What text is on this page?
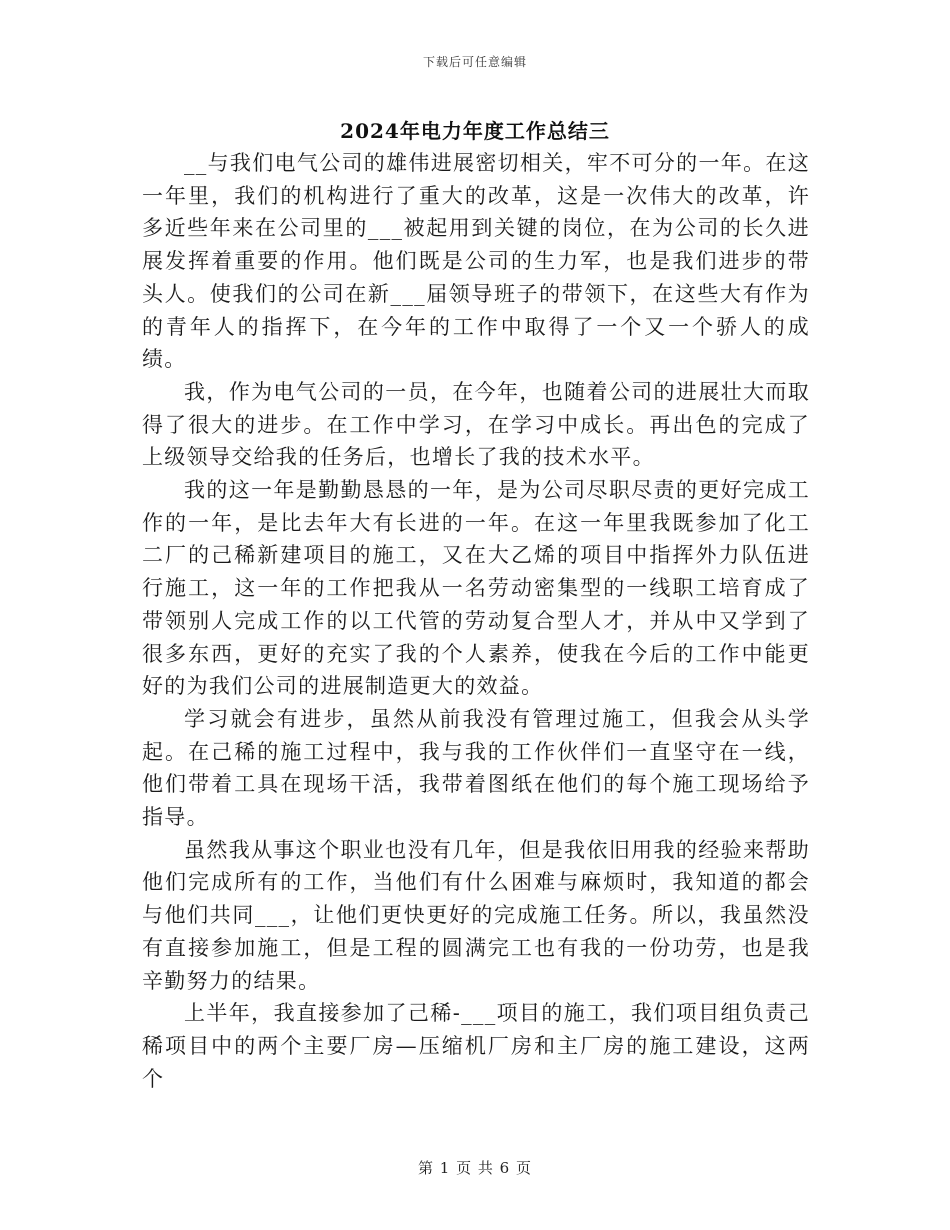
下载后可任意编辑
2024年电力年度工作总结三

__与我们电气公司的雄伟进展密切相关，牢不可分的一年。在这一年里，我们的机构进行了重大的改革，这是一次伟大的改革，许多近些年来在公司里的___被起用到关键的岗位，在为公司的长久进展发挥着重要的作用。他们既是公司的生力军，也是我们进步的带头人。使我们的公司在新___届领导班子的带领下，在这些大有作为的青年人的指挥下，在今年的工作中取得了一个又一个骄人的成绩。

我，作为电气公司的一员，在今年，也随着公司的进展壮大而取得了很大的进步。在工作中学习，在学习中成长。再出色的完成了上级领导交给我的任务后，也增长了我的技术水平。

我的这一年是勤勤恳恳的一年，是为公司尽职尽责的更好完成工作的一年，是比去年大有长进的一年。在这一年里我既参加了化工二厂的己稀新建项目的施工，又在大乙烯的项目中指挥外力队伍进行施工，这一年的工作把我从一名劳动密集型的一线职工培育成了带领别人完成工作的以工代管的劳动复合型人才，并从中又学到了很多东西，更好的充实了我的个人素养，使我在今后的工作中能更好的为我们公司的进展制造更大的效益。

学习就会有进步，虽然从前我没有管理过施工，但我会从头学起。在己稀的施工过程中，我与我的工作伙伴们一直坚守在一线，他们带着工具在现场干活，我带着图纸在他们的每个施工现场给予指导。

虽然我从事这个职业也没有几年，但是我依旧用我的经验来帮助他们完成所有的工作，当他们有什么困难与麻烦时，我知道的都会与他们共同___，让他们更快更好的完成施工任务。所以，我虽然没有直接参加施工，但是工程的圆满完工也有我的一份功劳，也是我辛勤努力的结果。

上半年，我直接参加了己稀-___项目的施工，我们项目组负责己稀项目中的两个主要厂房—压缩机厂房和主厂房的施工建设，这两个

第 1 页 共 6 页
